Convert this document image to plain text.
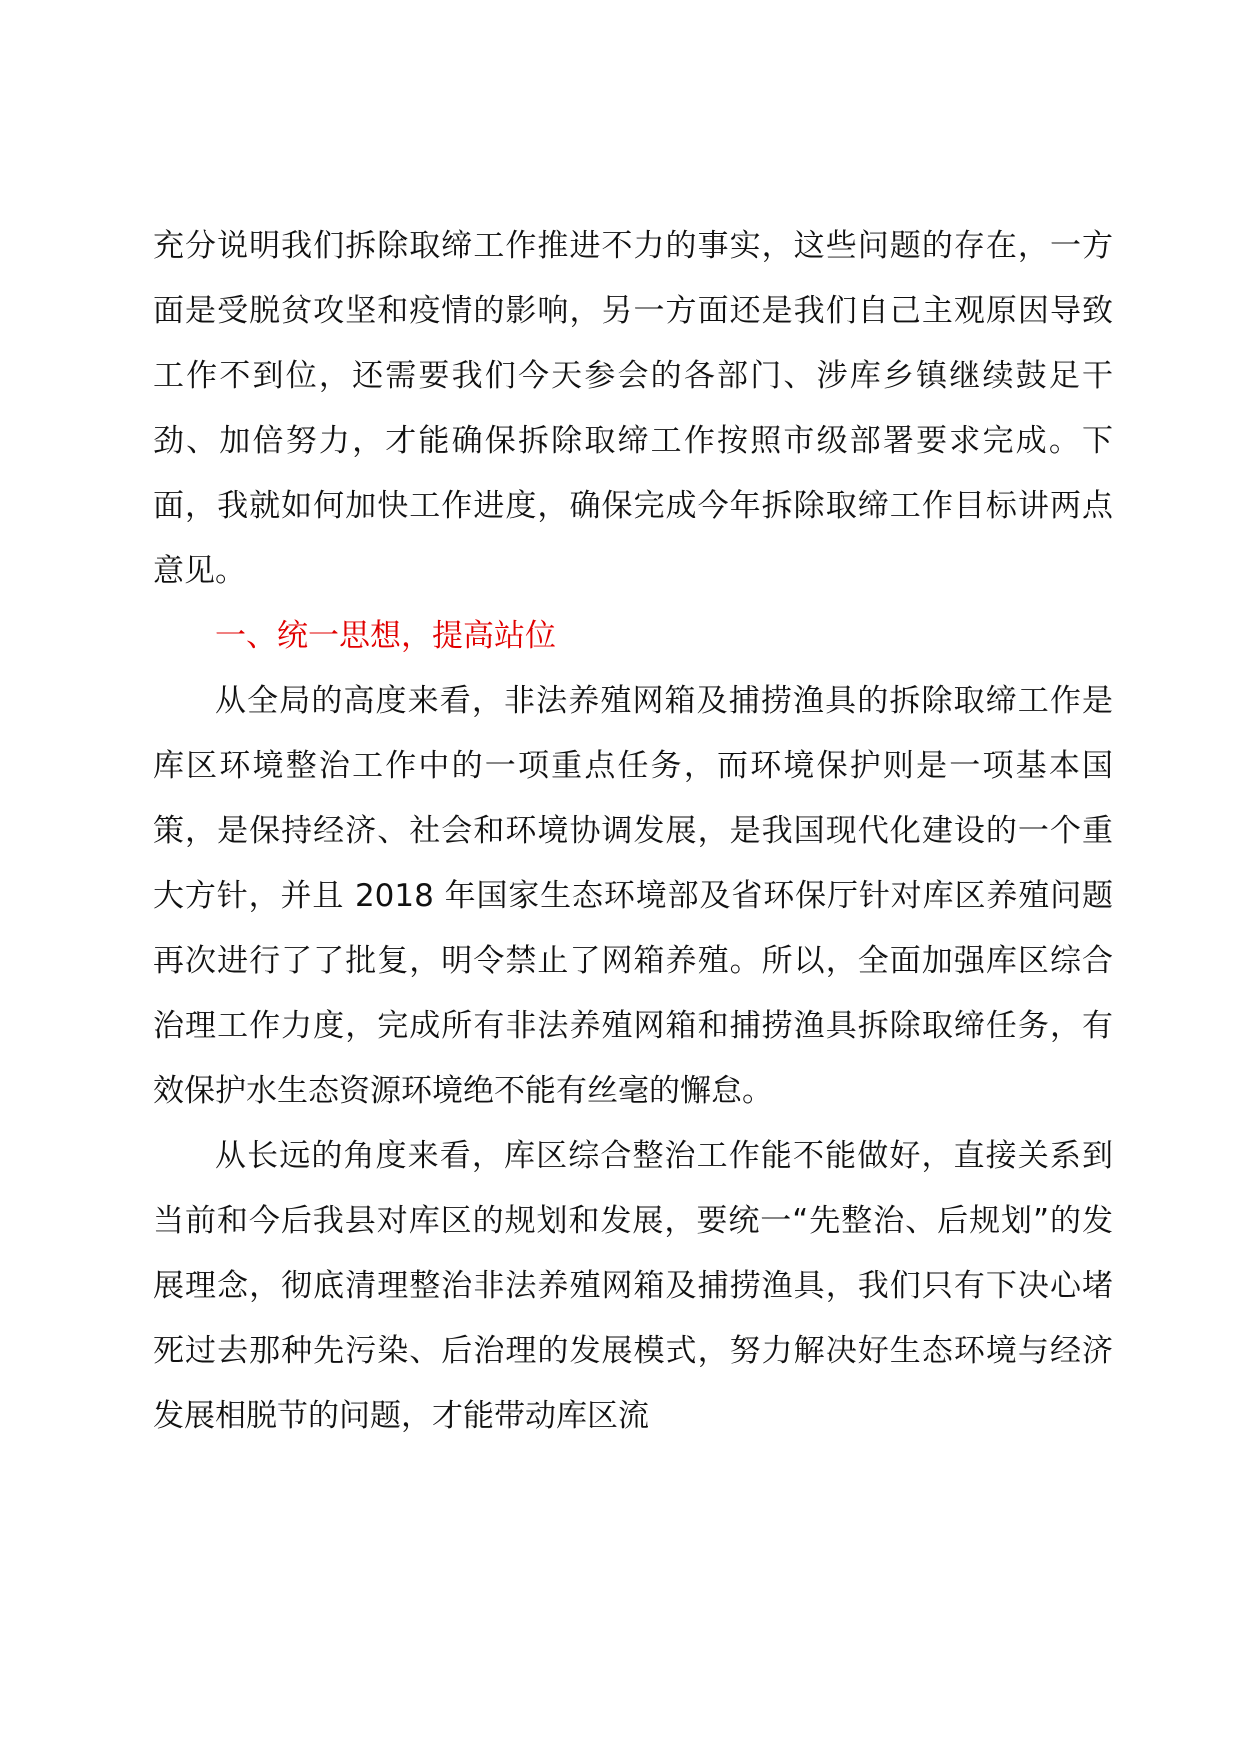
充分说明我们拆除取缔工作推进不力的事实，这些问题的存在，一方面是受脱贫攻坚和疫情的影响，另一方面还是我们自己主观原因导致工作不到位，还需要我们今天参会的各部门、涉库乡镇继续鼓足干劲、加倍努力，才能确保拆除取缔工作按照市级部署要求完成。下面，我就如何加快工作进度，确保完成今年拆除取缔工作目标讲两点意见。

一、统一思想，提高站位

从全局的高度来看，非法养殖网箱及捕捞渔具的拆除取缔工作是库区环境整治工作中的一项重点任务，而环境保护则是一项基本国策，是保持经济、社会和环境协调发展，是我国现代化建设的一个重大方针，并且 2018 年国家生态环境部及省环保厅针对库区养殖问题再次进行了了批复，明令禁止了网箱养殖。所以，全面加强库区综合治理工作力度，完成所有非法养殖网箱和捕捞渔具拆除取缔任务，有效保护水生态资源环境绝不能有丝毫的懈怠。

从长远的角度来看，库区综合整治工作能不能做好，直接关系到当前和今后我县对库区的规划和发展，要统一“先整治、后规划”的发展理念，彻底清理整治非法养殖网箱及捕捞渔具，我们只有下决心堵死过去那种先污染、后治理的发展模式，努力解决好生态环境与经济发展相脱节的问题，才能带动库区流
